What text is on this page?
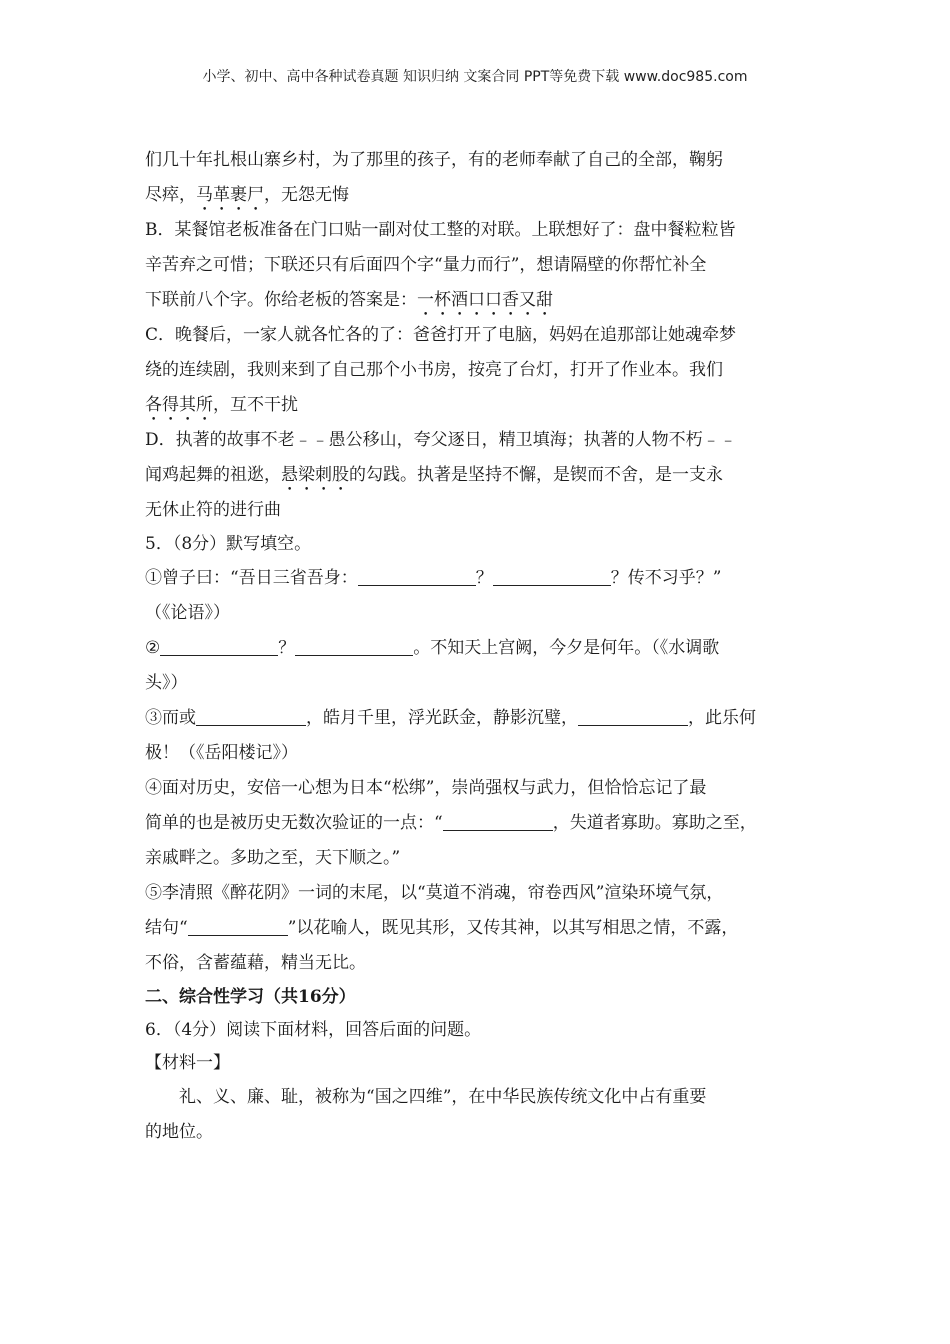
小学、初中、高中各种试卷真题 知识归纳 文案合同 PPT等免费下载 www.doc985.com
们几十年扎根山寨乡村，为了那里的孩子，有的老师奉献了自己的全部，鞠躬
尽瘁，马革裹尸，无怨无悔
B．某餐馆老板准备在门口贴一副对仗工整的对联。上联想好了：盘中餐粒粒皆
辛苦弃之可惜；下联还只有后面四个字“量力而行”，想请隔壁的你帮忙补全
下联前八个字。你给老板的答案是：一杯酒口口香又甜
C．晚餐后，一家人就各忙各的了：爸爸打开了电脑，妈妈在追那部让她魂牵梦
绕的连续剧，我则来到了自己那个小书房，按亮了台灯，打开了作业本。我们
各得其所，互不干扰
D．执著的故事不老﹣﹣愚公移山，夸父逐日，精卫填海；执著的人物不朽﹣﹣
闻鸡起舞的祖逖，悬梁刺股的勾践。执著是坚持不懈，是锲而不舍，是一支永
无休止符的进行曲
5．（8分）默写填空。
①曾子曰：“吾日三省吾身：	？	？传不习乎？”
（《论语》）
②	？	。不知天上宫阙，今夕是何年。（《水调歌
头》）
③而或	，皓月千里，浮光跃金，静影沉璧，	，此乐何
极！（《岳阳楼记》）
④面对历史，安倍一心想为日本“松绑”，崇尚强权与武力，但恰恰忘记了最
简单的也是被历史无数次验证的一点：“	，失道者寡助。寡助之至，
亲戚畔之。多助之至，天下顺之。”
⑤李清照《醉花阴》一词的末尾，以“莫道不消魂，帘卷西风”渲染环境气氛，
结句“	”以花喻人，既见其形，又传其神，以其写相思之情，不露，
不俗，含蓄蕴藉，精当无比。
二、综合性学习（共16分）
6．（4分）阅读下面材料，回答后面的问题。
【材料一】
礼、义、廉、耻，被称为“国之四维”，在中华民族传统文化中占有重要
的地位。
